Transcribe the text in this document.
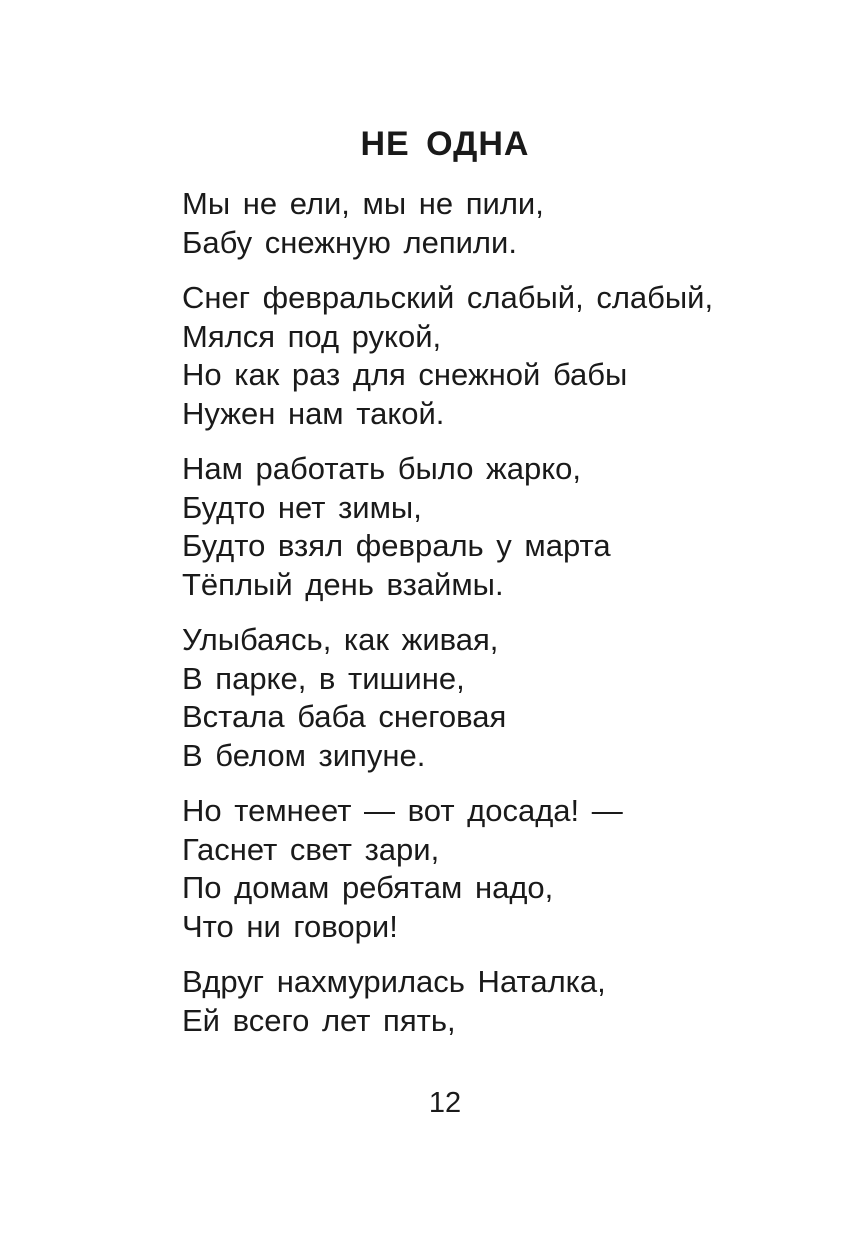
НЕ ОДНА
Мы не ели, мы не пили,
Бабу снежную лепили.
Снег февральский слабый, слабый,
Мялся под рукой,
Но как раз для снежной бабы
Нужен нам такой.
Нам работать было жарко,
Будто нет зимы,
Будто взял февраль у марта
Тёплый день взаймы.
Улыбаясь, как живая,
В парке, в тишине,
Встала баба снеговая
В белом зипуне.
Но темнеет — вот досада! —
Гаснет свет зари,
По домам ребятам надо,
Что ни говори!
Вдруг нахмурилась Наталка,
Ей всего лет пять,
12
